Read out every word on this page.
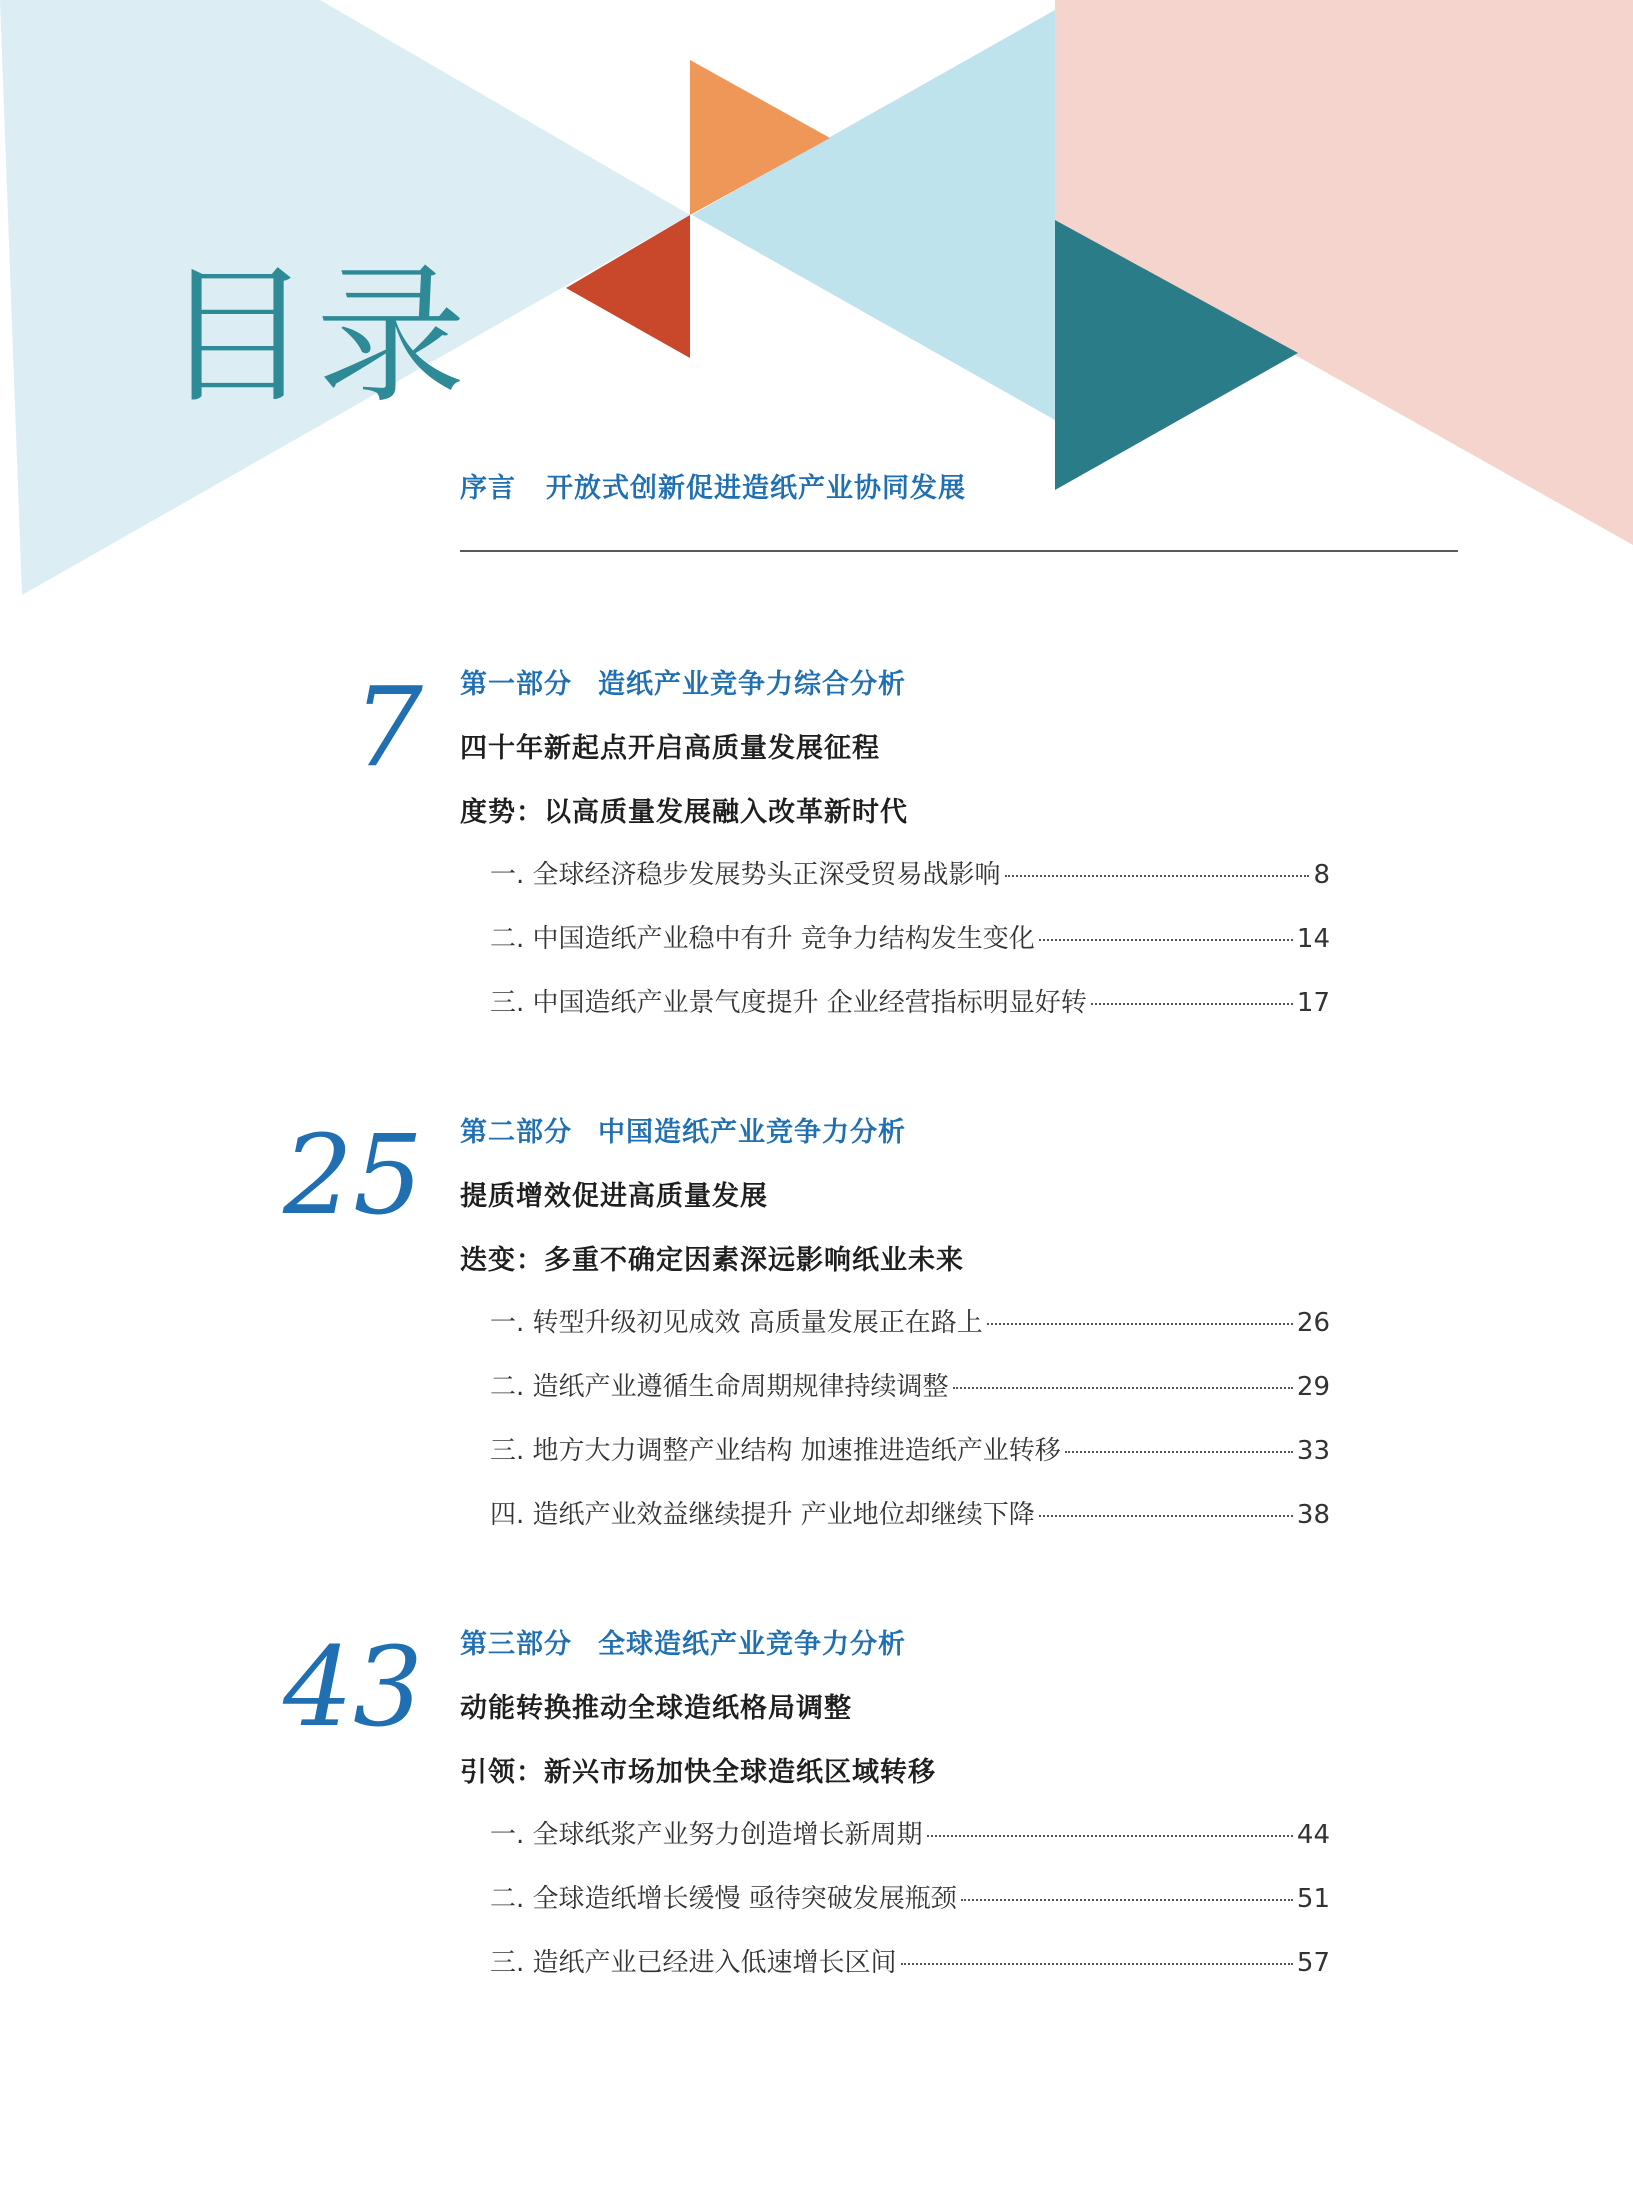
目录
序言 开放式创新促进造纸产业协同发展
7 第一部分 造纸产业竞争力综合分析
四十年新起点开启高质量发展征程
度势：以高质量发展融入改革新时代
一. 全球经济稳步发展势头正深受贸易战影响	8
二. 中国造纸产业稳中有升 竞争力结构发生变化	14
三. 中国造纸产业景气度提升 企业经营指标明显好转	17
25 第二部分 中国造纸产业竞争力分析
提质增效促进高质量发展
迭变：多重不确定因素深远影响纸业未来
一. 转型升级初见成效 高质量发展正在路上	26
二. 造纸产业遵循生命周期规律持续调整	29
三. 地方大力调整产业结构 加速推进造纸产业转移	33
四. 造纸产业效益继续提升 产业地位却继续下降	38
43 第三部分 全球造纸产业竞争力分析
动能转换推动全球造纸格局调整
引领：新兴市场加快全球造纸区域转移
一. 全球纸浆产业努力创造增长新周期	44
二. 全球造纸增长缓慢 亟待突破发展瓶颈	51
三. 造纸产业已经进入低速增长区间	57
